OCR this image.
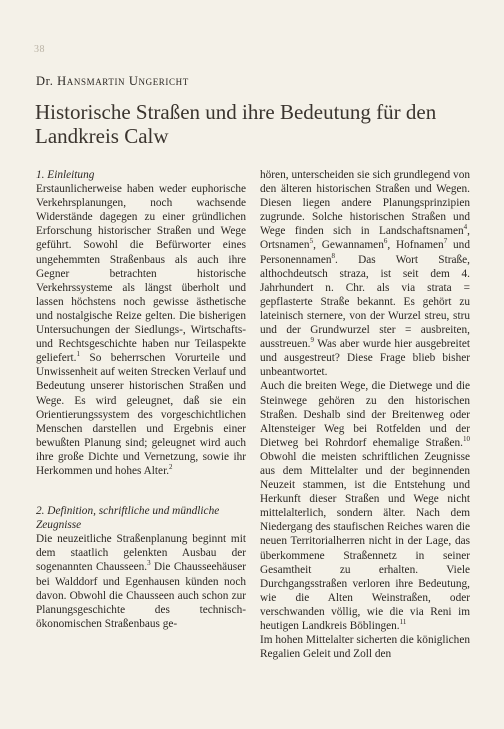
38
Dr. Hansmartin Ungericht
Historische Straßen und ihre Bedeutung für den Landkreis Calw

1. Einleitung

Erstaunlicherweise haben weder euphorische Verkehrsplanungen, noch wachsende Widerstände dagegen zu einer gründlichen Erforschung historischer Straßen und Wege geführt. Sowohl die Befürworter eines ungehemmten Straßenbaus als auch ihre Gegner betrachten historische Verkehrssysteme als längst überholt und lassen höchstens noch gewisse ästhetische und nostalgische Reize gelten. Die bisherigen Untersuchungen der Siedlungs-, Wirtschafts- und Rechtsgeschichte haben nur Teilaspekte geliefert.$^1$ So beherrschen Vorurteile und Unwissenheit auf weiten Strecken Verlauf und Bedeutung unserer historischen Straßen und Wege. Es wird geleugnet, daß sie ein Orientierungssystem des vorgeschichtlichen Menschen darstellen und Ergebnis einer bewußten Planung sind; geleugnet wird auch ihre große Dichte und Vernetzung, sowie ihr Herkommen und hohes Alter.$^2$

2. Definition, schriftliche und mündliche Zeugnisse

Die neuzeitliche Straßenplanung beginnt mit dem staatlich gelenkten Ausbau der sogenannten Chausseen.$^3$ Die Chausseehäuser bei Walddorf und Egenhausen künden noch davon. Obwohl die Chausseen auch schon zur Planungsgeschichte des technisch-ökonomischen Straßenbaus ge-

hören, unterscheiden sie sich grundlegend von den älteren historischen Straßen und Wegen. Diesen liegen andere Planungsprinzipien zugrunde. Solche historischen Straßen und Wege finden sich in Landschaftsnamen$^4$, Ortsnamen$^5$, Gewannamen$^6$, Hofnamen$^7$ und Personennamen$^8$. Das Wort Straße, althochdeutsch straza, ist seit dem 4. Jahrhundert n. Chr. als via strata = gepflasterte Straße bekannt. Es gehört zu lateinisch sternere, von der Wurzel streu, stru und der Grundwurzel ster = ausbreiten, ausstreuen.$^9$ Was aber wurde hier ausgebreitet und ausgestreut? Diese Frage blieb bisher unbeantwortet.

Auch die breiten Wege, die Dietwege und die Steinwege gehören zu den historischen Straßen. Deshalb sind der Breitenweg oder Altensteiger Weg bei Rotfelden und der Dietweg bei Rohrdorf ehemalige Straßen.$^{10}$ Obwohl die meisten schriftlichen Zeugnisse aus dem Mittelalter und der beginnenden Neuzeit stammen, ist die Entstehung und Herkunft dieser Straßen und Wege nicht mittelalterlich, sondern älter. Nach dem Niedergang des staufischen Reiches waren die neuen Territorialherren nicht in der Lage, das überkommene Straßennetz in seiner Gesamtheit zu erhalten. Viele Durchgangsstraßen verloren ihre Bedeutung, wie die Alten Weinstraßen, oder verschwanden völlig, wie die via Reni im heutigen Landkreis Böblingen.$^{11}$

Im hohen Mittelalter sicherten die königlichen Regalien Geleit und Zoll den
